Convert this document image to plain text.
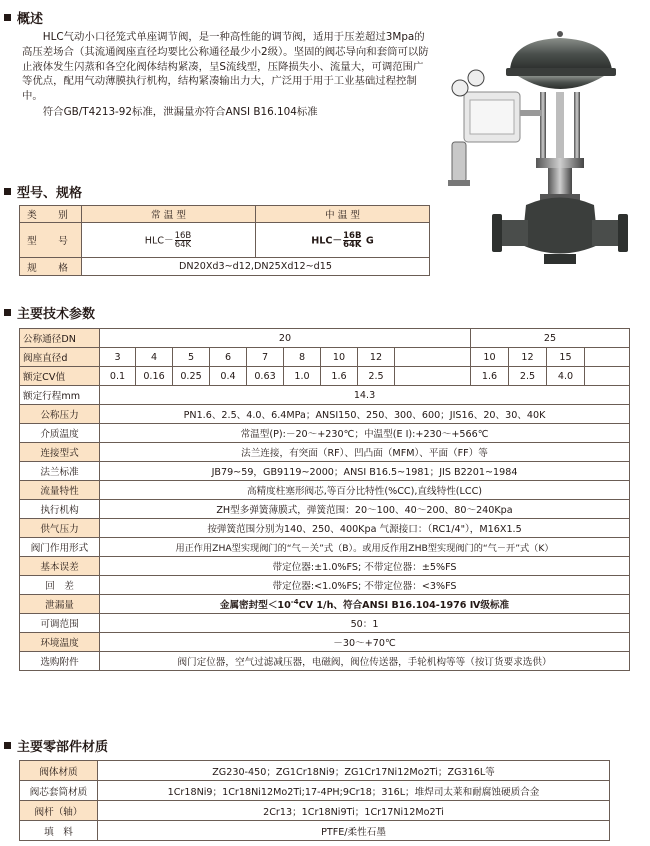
概述

HLC气动小口径笼式单座调节阀，是一种高性能的调节阀，适用于压差超过3Mpa的高压差场合（其流通阀座直径均要比公称通径最少小2级）。坚固的阀芯导向和套筒可以防止液体发生闪蒸和各空化阀体结构紧凑，呈S流线型，压降损失小、流量大，可调范围广等优点，配用气动薄膜执行机构，结构紧凑输出力大，广泛用于用于工业基础过程控制中。

符合GB/T4213-92标准，泄漏量亦符合ANSI B16.104标准

型号、规格
类　别	常 温 型	中 温 型
型　号	$HLC- \frac{16B}{64K}$	$HLC- \frac{16B}{64K}$ G
规　格	DN20Xd3~d12,DN25Xd12~d15	
主要技术参数
公称通径DN	20									25			
阀座直径d	3	4	5	6	7	8	10	12		10	12	15	
额定CV值	0.1	0.16	0.25	0.4	0.63	1.0	1.6	2.5		1.6	2.5	4.0	
额定行程mm	14.3												
公称压力	PN1.6、2.5、4.0、6.4MPa；ANSI150、250、300、600；JIS16、20、30、40K												
介质温度	常温型(P):－20～+230℃；中温型(E I):+230～+566℃												
连接型式	法兰连接，有突面（RF）、凹凸面（MFM）、平面（FF）等												
法兰标准	JB79~59，GB9119~2000；ANSI B16.5~1981；JIS B2201~1984												
流量特性	高精度柱塞形阀芯,等百分比特性(%CC),直线特性(LCC)												
执行机构	ZH型多弹簧薄膜式，弹簧范围：20～100、40～200、80～240Kpa												
供气压力	按弹簧范围分别为140、250、400Kpa 气源接口：（RC1/4"），M16X1.5												
阀门作用形式	用正作用ZHA型实现阀门的“气－关”式（B）。或用反作用ZHB型实现阀门的“气－开”式（K）												
基本误差	带定位器:±1.0%FS; 不带定位器：±5%FS												
回　差	带定位器:<1.0%FS; 不带定位器：<3%FS												
泄漏量	金属密封型$<10^{-4}CV$ 1/h、符合ANSI B16.104-1976 Ⅳ级标准												
可调范围	50：1												
环境温度	－30～+70℃												
选购附件	阀门定位器，空气过滤减压器，电磁阀，阀位传送器，手轮机构等等（按订货要求选供）												
主要零部件材质
阀体材质	ZG230-450；ZG1Cr18Ni9；ZG1Cr17Ni12Mo2Ti；ZG316L等
阀芯套筒材质	1Cr18Ni9；1Cr18Ni12Mo2Ti;17-4PH;9Cr18；316L；堆焊司太莱和耐腐蚀硬质合金
阀杆（轴）	2Cr13；1Cr18Ni9Ti；1Cr17Ni12Mo2Ti
填　料	PTFE/柔性石墨
